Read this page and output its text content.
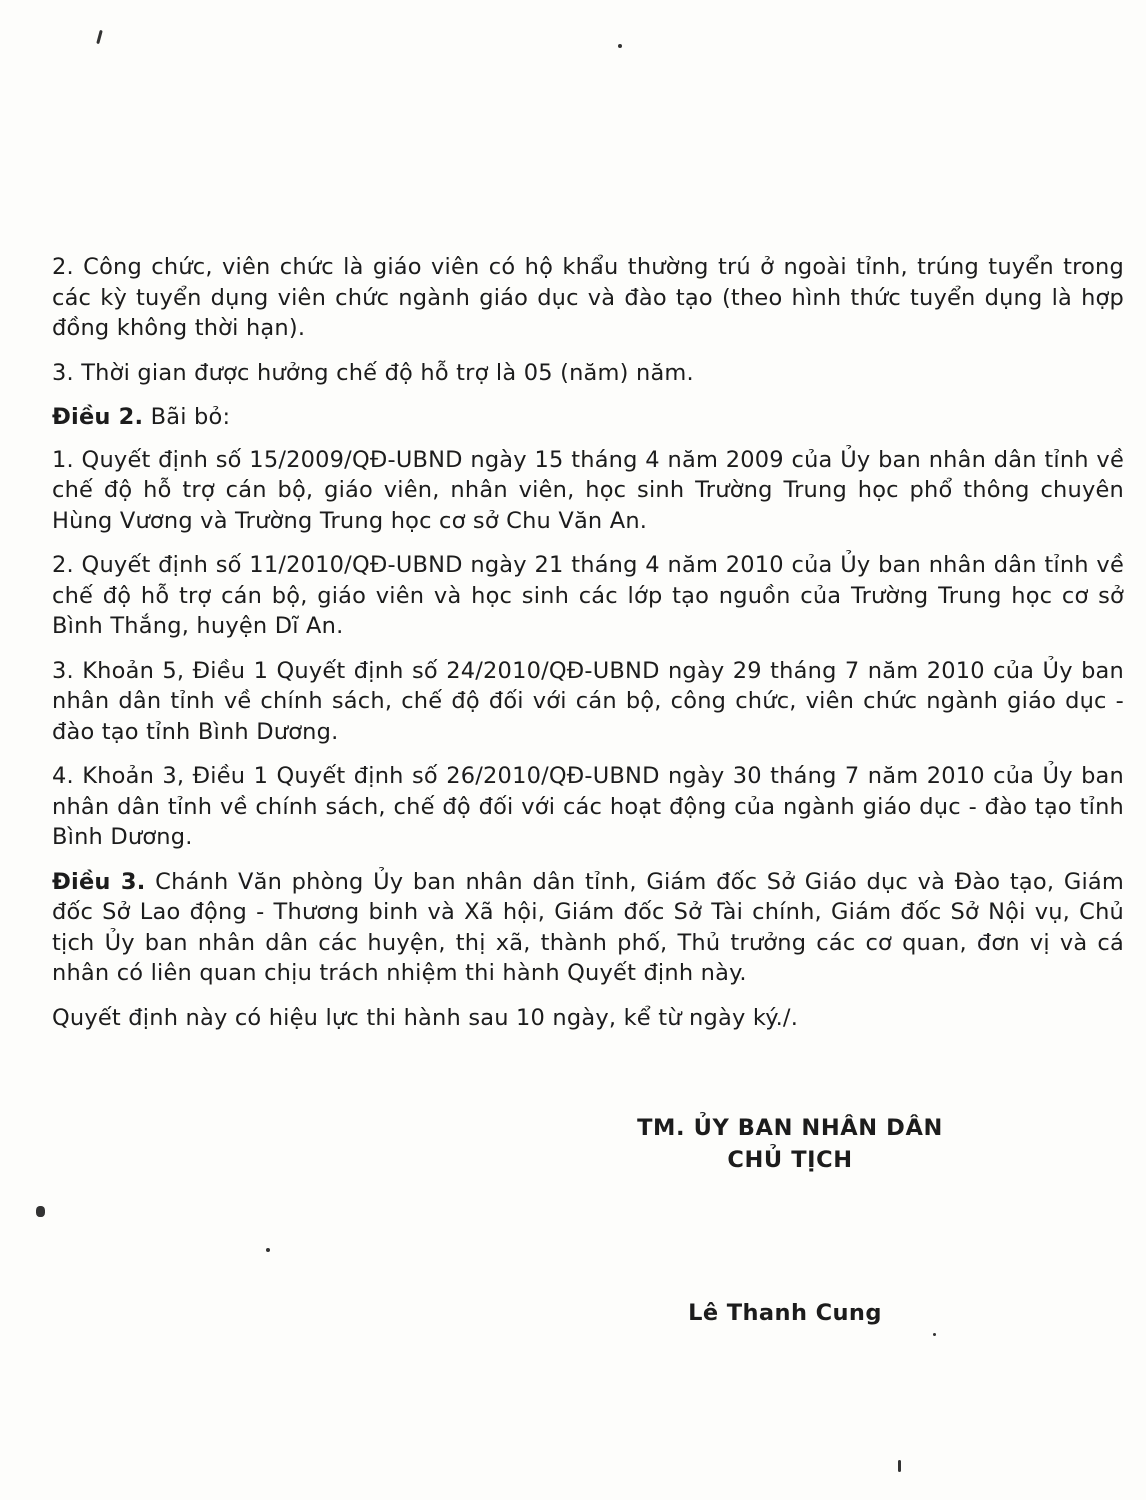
2. Công chức, viên chức là giáo viên có hộ khẩu thường trú ở ngoài tỉnh, trúng tuyển trong các kỳ tuyển dụng viên chức ngành giáo dục và đào tạo (theo hình thức tuyển dụng là hợp đồng không thời hạn).

3. Thời gian được hưởng chế độ hỗ trợ là 05 (năm) năm.

Điều 2. Bãi bỏ:

1. Quyết định số 15/2009/QĐ-UBND ngày 15 tháng 4 năm 2009 của Ủy ban nhân dân tỉnh về chế độ hỗ trợ cán bộ, giáo viên, nhân viên, học sinh Trường Trung học phổ thông chuyên Hùng Vương và Trường Trung học cơ sở Chu Văn An.

2. Quyết định số 11/2010/QĐ-UBND ngày 21 tháng 4 năm 2010 của Ủy ban nhân dân tỉnh về chế độ hỗ trợ cán bộ, giáo viên và học sinh các lớp tạo nguồn của Trường Trung học cơ sở Bình Thắng, huyện Dĩ An.

3. Khoản 5, Điều 1 Quyết định số 24/2010/QĐ-UBND ngày 29 tháng 7 năm 2010 của Ủy ban nhân dân tỉnh về chính sách, chế độ đối với cán bộ, công chức, viên chức ngành giáo dục - đào tạo tỉnh Bình Dương.

4. Khoản 3, Điều 1 Quyết định số 26/2010/QĐ-UBND ngày 30 tháng 7 năm 2010 của Ủy ban nhân dân tỉnh về chính sách, chế độ đối với các hoạt động của ngành giáo dục - đào tạo tỉnh Bình Dương.

Điều 3. Chánh Văn phòng Ủy ban nhân dân tỉnh, Giám đốc Sở Giáo dục và Đào tạo, Giám đốc Sở Lao động - Thương binh và Xã hội, Giám đốc Sở Tài chính, Giám đốc Sở Nội vụ, Chủ tịch Ủy ban nhân dân các huyện, thị xã, thành phố, Thủ trưởng các cơ quan, đơn vị và cá nhân có liên quan chịu trách nhiệm thi hành Quyết định này.

Quyết định này có hiệu lực thi hành sau 10 ngày, kể từ ngày ký./.

TM. ỦY BAN NHÂN DÂN
CHỦ TỊCH
Lê Thanh Cung
